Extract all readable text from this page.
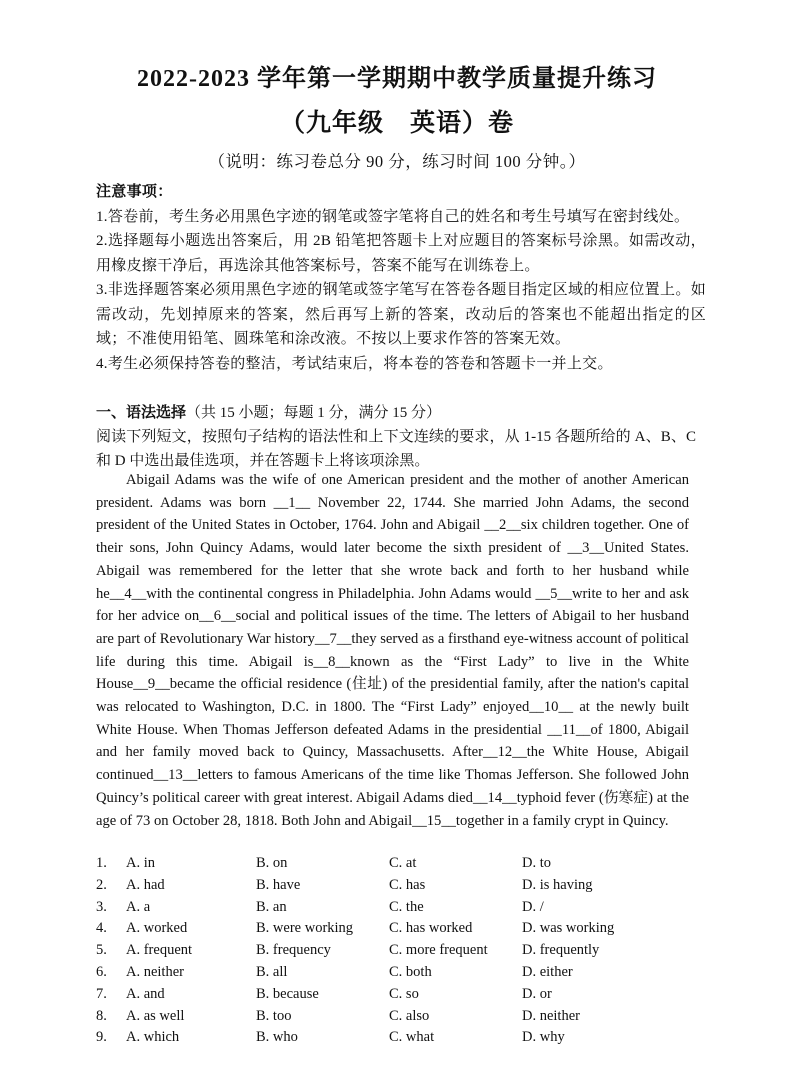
2022-2023 学年第一学期期中教学质量提升练习
（九年级　英语）卷
（说明：练习卷总分 90 分，练习时间 100 分钟。）

注意事项：

1.答卷前，考生务必用黑色字迹的钢笔或签字笔将自己的姓名和考生号填写在密封线处。

2.选择题每小题选出答案后，用 2B 铅笔把答题卡上对应题目的答案标号涂黑。如需改动，用橡皮擦干净后，再选涂其他答案标号，答案不能写在训练卷上。

3.非选择题答案必须用黑色字迹的钢笔或签字笔写在答卷各题目指定区域的相应位置上。如需改动，先划掉原来的答案，然后再写上新的答案，改动后的答案也不能超出指定的区域；不准使用铅笔、圆珠笔和涂改液。不按以上要求作答的答案无效。

4.考生必须保持答卷的整洁，考试结束后，将本卷的答卷和答题卡一并上交。

一、语法选择（共 15 小题；每题 1 分，满分 15 分）

阅读下列短文，按照句子结构的语法性和上下文连续的要求，从 1-15 各题所给的 A、B、C 和 D 中选出最佳选项，并在答题卡上将该项涂黑。

Abigail Adams was the wife of one American president and the mother of another American president. Adams was born __1__ November 22, 1744. She married John Adams, the second president of the United States in October, 1764. John and Abigail __2__six children together. One of their sons, John Quincy Adams, would later become the sixth president of __3__United States. Abigail was remembered for the letter that she wrote back and forth to her husband while he__4__with the continental congress in Philadelphia. John Adams would __5__write to her and ask for her advice on__6__social and political issues of the time. The letters of Abigail to her husband are part of Revolutionary War history__7__they served as a firsthand eye-witness account of political life during this time. Abigail is__8__known as the “First Lady” to live in the White House__9__became the official residence (住址) of the presidential family, after the nation's capital was relocated to Washington, D.C. in 1800. The “First Lady” enjoyed__10__ at the newly built White House. When Thomas Jefferson defeated Adams in the presidential __11__of 1800, Abigail and her family moved back to Quincy, Massachusetts. After__12__the White House, Abigail continued__13__letters to famous Americans of the time like Thomas Jefferson. She followed John Quincy’s political career with great interest. Abigail Adams died__14__typhoid fever (伤寒症) at the age of 73 on October 28, 1818. Both John and Abigail__15__together in a family crypt in Quincy.

1. A. in	B. on	C. at	D. to
2. A. had	B. have	C. has	D. is having
3. A. a	B. an	C. the	D. /
4. A. worked	B. were working C. has worked	D. was working
5. A. frequent	B. frequency	C. more frequent D. frequently
6. A. neither	B. all	C. both	D. either
7. A. and	B. because	C. so	D. or
8. A. as well	B. too	C. also	D. neither
9. A. which	B. who	C. what	D. why
